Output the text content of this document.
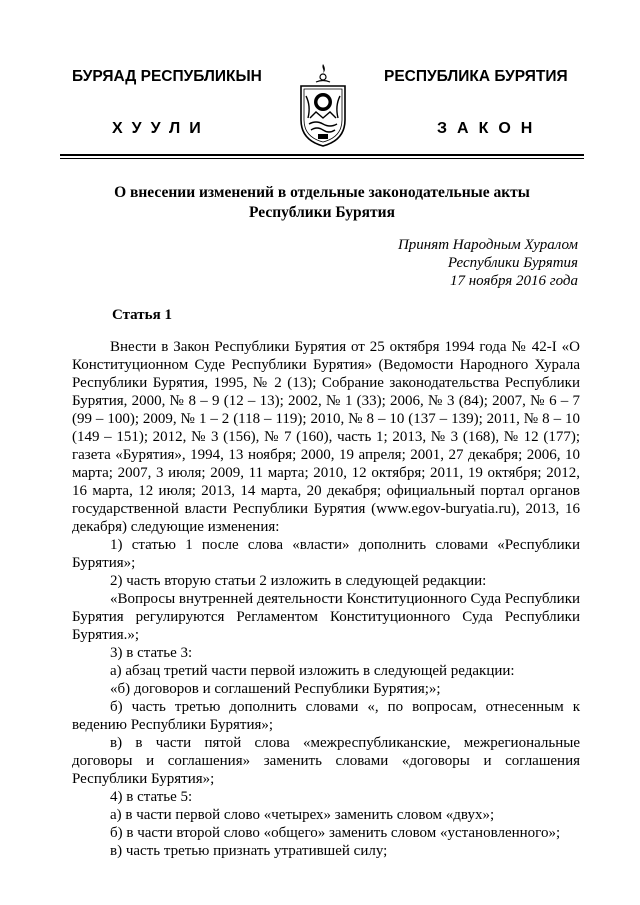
БУРЯАД РЕСПУБЛИКЫН
ХУУЛИ
РЕСПУБЛИКА БУРЯТИЯ
ЗАКОН
О внесении изменений в отдельные законодательные акты
Республики Бурятия
Принят Народным Хуралом
Республики Бурятия
17 ноября 2016 года
Статья 1

Внести в Закон Республики Бурятия от 25 октября 1994 года № 42-I «О Конституционном Суде Республики Бурятия» (Ведомости Народного Хурала Республики Бурятия, 1995, № 2 (13); Собрание законодательства Республики Бурятия, 2000, № 8 – 9 (12 – 13); 2002, № 1 (33); 2006, № 3 (84); 2007, № 6 – 7 (99 – 100); 2009, № 1 – 2 (118 – 119); 2010, № 8 – 10 (137 – 139); 2011, № 8 – 10 (149 – 151); 2012, № 3 (156), № 7 (160), часть 1; 2013, № 3 (168), № 12 (177); газета «Бурятия», 1994, 13 ноября; 2000, 19 апреля; 2001, 27 декабря; 2006, 10 марта; 2007, 3 июля; 2009, 11 марта; 2010, 12 октября; 2011, 19 октября; 2012, 16 марта, 12 июля; 2013, 14 марта, 20 декабря; официальный портал органов государственной власти Республики Бурятия (www.egov-buryatia.ru), 2013, 16 декабря) следующие изменения:

1) статью 1 после слова «власти» дополнить словами «Республики Бурятия»;

2) часть вторую статьи 2 изложить в следующей редакции:

«Вопросы внутренней деятельности Конституционного Суда Республики Бурятия регулируются Регламентом Конституционного Суда Республики Бурятия.»;

3) в статье 3:

а) абзац третий части первой изложить в следующей редакции:

«б) договоров и соглашений Республики Бурятия;»;

б) часть третью дополнить словами «, по вопросам, отнесенным к ведению Республики Бурятия»;

в) в части пятой слова «межреспубликанские, межрегиональные договоры и соглашения» заменить словами «договоры и соглашения Республики Бурятия»;

4) в статье 5:

а) в части первой слово «четырех» заменить словом «двух»;

б) в части второй слово «общего» заменить словом «установленного»;

в) часть третью признать утратившей силу;
